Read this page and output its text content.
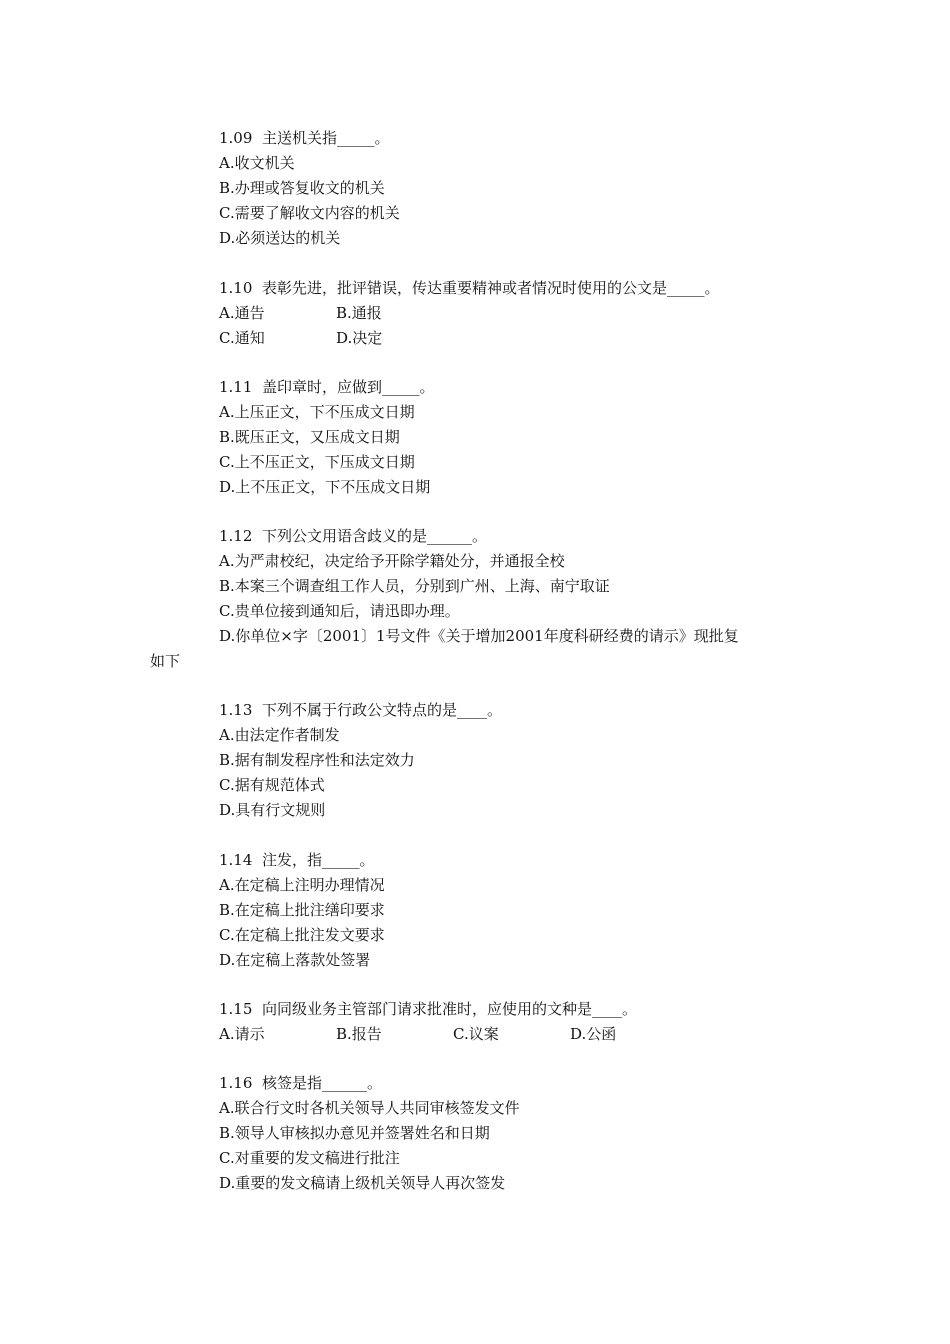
1.09 主送机关指_____。
A.收文机关
B.办理或答复收文的机关
C.需要了解收文内容的机关
D.必须送达的机关
1.10 表彰先进，批评错误，传达重要精神或者情况时使用的公文是_____。
A.通告	B.通报
C.通知	D.决定
1.11 盖印章时，应做到_____。
A.上压正文，下不压成文日期
B.既压正文，又压成文日期
C.上不压正文，下压成文日期
D.上不压正文，下不压成文日期
1.12 下列公文用语含歧义的是______。
A.为严肃校纪，决定给予开除学籍处分，并通报全校
B.本案三个调查组工作人员，分别到广州、上海、南宁取证
C.贵单位接到通知后，请迅即办理。
D.你单位×字〔2001〕1号文件《关于增加2001年度科研经费的请示》现批复
如下
1.13 下列不属于行政公文特点的是____。
A.由法定作者制发
B.据有制发程序性和法定效力
C.据有规范体式
D.具有行文规则
1.14 注发，指_____。
A.在定稿上注明办理情况
B.在定稿上批注缮印要求
C.在定稿上批注发文要求
D.在定稿上落款处签署
1.15 向同级业务主管部门请求批准时，应使用的文种是____。
A.请示	B.报告	C.议案	D.公函
1.16 核签是指______。
A.联合行文时各机关领导人共同审核签发文件
B.领导人审核拟办意见并签署姓名和日期
C.对重要的发文稿进行批注
D.重要的发文稿请上级机关领导人再次签发
